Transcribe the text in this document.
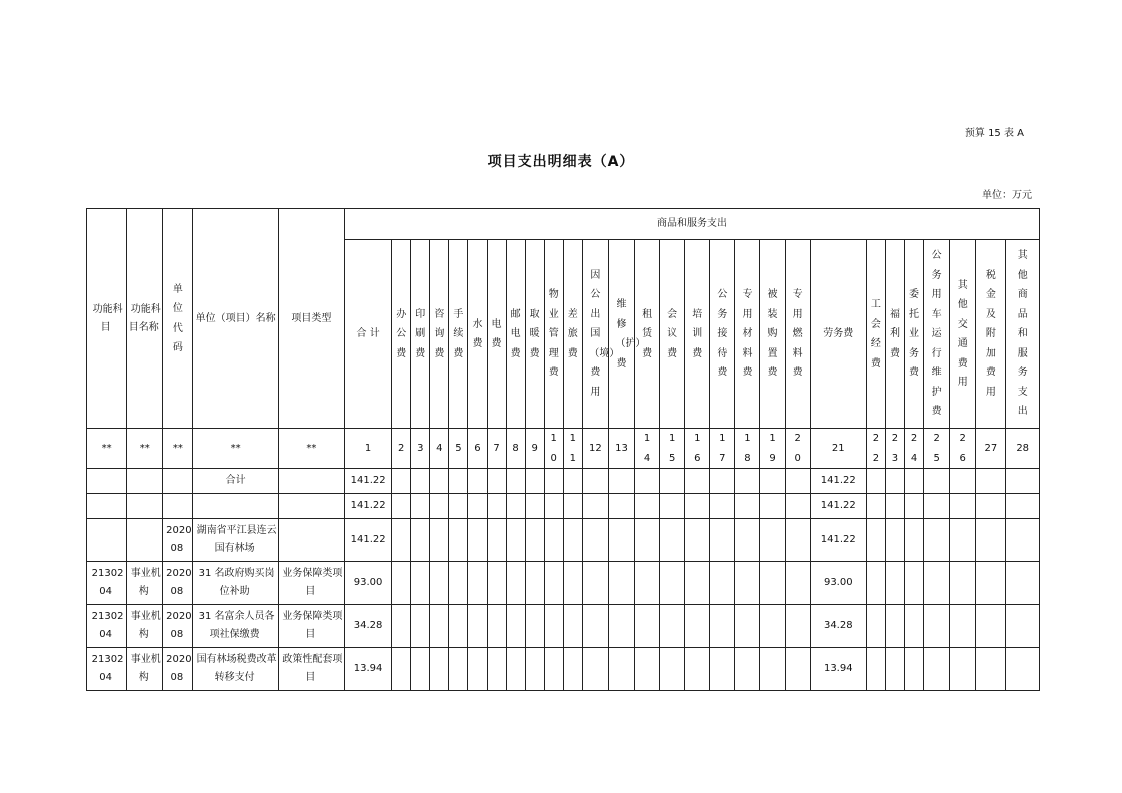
预算 15 表 A
项目支出明细表（A）
单位：万元
功能科目	功能科目名称	单位代码	单位（项目）名称	项目类型	商品和服务支出																											
					合 计	办公费	印刷费	咨询费	手续费	水费	电费	邮电费	取暖费	物业管理费	差旅费	因公出国（境）费用	维修（护）费	租赁费	会议费	培训费	公务接待费	专用材料费	被装购置费	专用燃料费	劳务费	工会经费	福利费	委托业务费	公务用车运行维护费	其他交通费用	税金及附加费用	其他商品和服务支出
**	**	**	**	**	1	2	3	4	5	6	7	8	9	10	11	12	13	14	15	16	17	18	19	20	21	22	23	24	25	26	27	28
			合计		141.22																				141.22							
					141.22																				141.22							
		202008	湖南省平江县连云国有林场		141.22																				141.22							
2130204	事业机构	202008	31 名政府购买岗位补助	业务保障类项目	93.00																				93.00							
2130204	事业机构	202008	31 名富余人员各项社保缴费	业务保障类项目	34.28																				34.28							
2130204	事业机构	202008	国有林场税费改革转移支付	政策性配套项目	13.94																				13.94							
